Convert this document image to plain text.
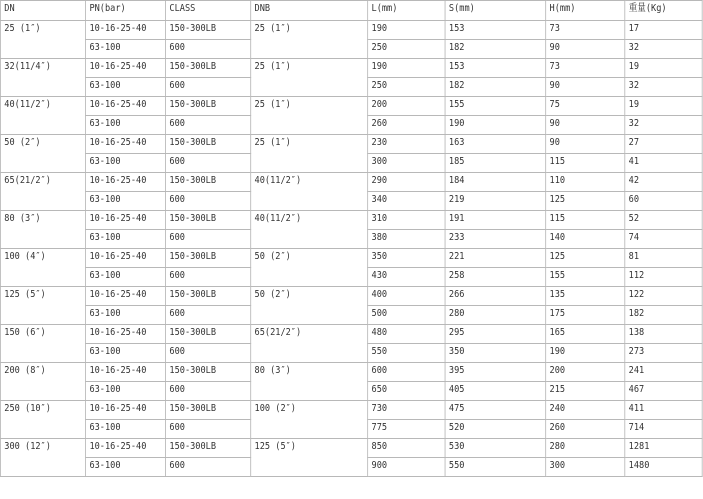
DN	PN(bar)	CLASS	DNB	L(mm)	S(mm)	H(mm)	重量(Kg)
25 (1″)	10-16-25-40	150-300LB	25 (1″)	190	153	73	17
	63-100	600		250	182	90	32
32(11/4″)	10-16-25-40	150-300LB	25 (1″)	190	153	73	19
	63-100	600		250	182	90	32
40(11/2″)	10-16-25-40	150-300LB	25 (1″)	200	155	75	19
	63-100	600		260	190	90	32
50 (2″)	10-16-25-40	150-300LB	25 (1″)	230	163	90	27
	63-100	600		300	185	115	41
65(21/2″)	10-16-25-40	150-300LB	40(11/2″)	290	184	110	42
	63-100	600		340	219	125	60
80 (3″)	10-16-25-40	150-300LB	40(11/2″)	310	191	115	52
	63-100	600		380	233	140	74
100 (4″)	10-16-25-40	150-300LB	50 (2″)	350	221	125	81
	63-100	600		430	258	155	112
125 (5″)	10-16-25-40	150-300LB	50 (2″)	400	266	135	122
	63-100	600		500	280	175	182
150 (6″)	10-16-25-40	150-300LB	65(21/2″)	480	295	165	138
	63-100	600		550	350	190	273
200 (8″)	10-16-25-40	150-300LB	80 (3″)	600	395	200	241
	63-100	600		650	405	215	467
250 (10″)	10-16-25-40	150-300LB	100 (2″)	730	475	240	411
	63-100	600		775	520	260	714
300 (12″)	10-16-25-40	150-300LB	125 (5″)	850	530	280	1281
	63-100	600		900	550	300	1480
